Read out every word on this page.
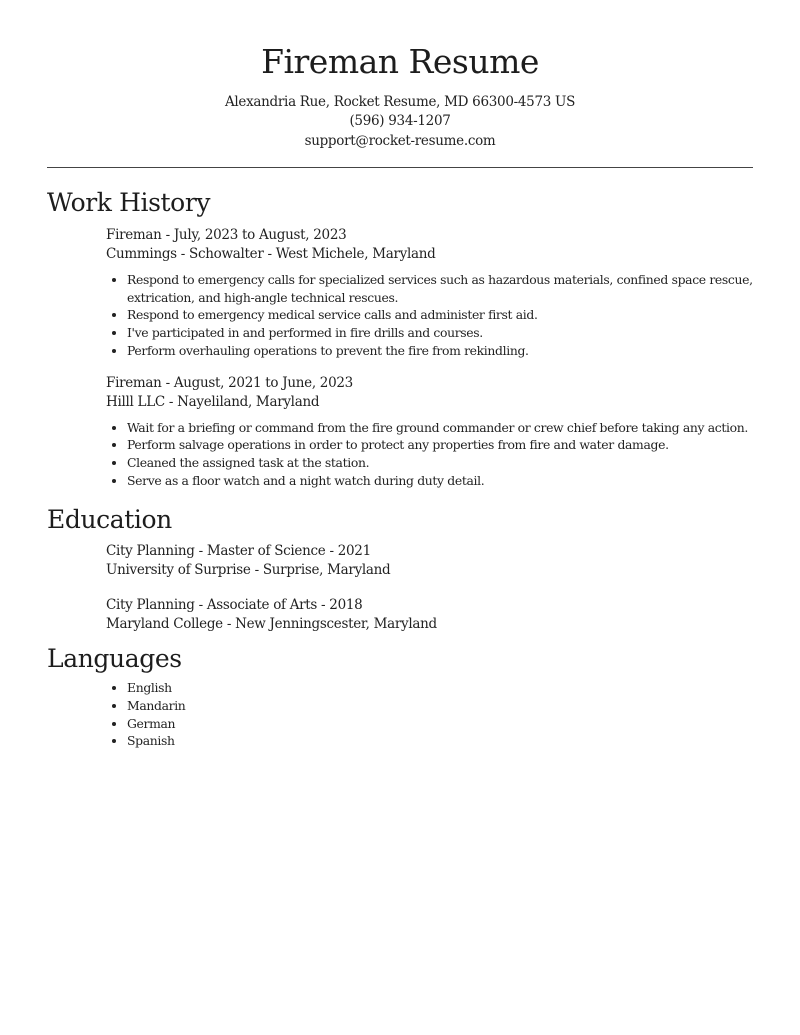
Fireman Resume
Alexandria Rue, Rocket Resume, MD 66300-4573 US
(596) 934-1207
support@rocket-resume.com
Work History
Fireman - July, 2023 to August, 2023
Cummings - Schowalter - West Michele, Maryland
• Respond to emergency calls for specialized services such as hazardous materials, confined space rescue, extrication, and high-angle technical rescues.
• Respond to emergency medical service calls and administer first aid.
• I've participated in and performed in fire drills and courses.
• Perform overhauling operations to prevent the fire from rekindling.
Fireman - August, 2021 to June, 2023
Hilll LLC - Nayeliland, Maryland
• Wait for a briefing or command from the fire ground commander or crew chief before taking any action.
• Perform salvage operations in order to protect any properties from fire and water damage.
• Cleaned the assigned task at the station.
• Serve as a floor watch and a night watch during duty detail.
Education
City Planning - Master of Science - 2021
University of Surprise - Surprise, Maryland
City Planning - Associate of Arts - 2018
Maryland College - New Jenningscester, Maryland
Languages
• English
• Mandarin
• German
• Spanish
